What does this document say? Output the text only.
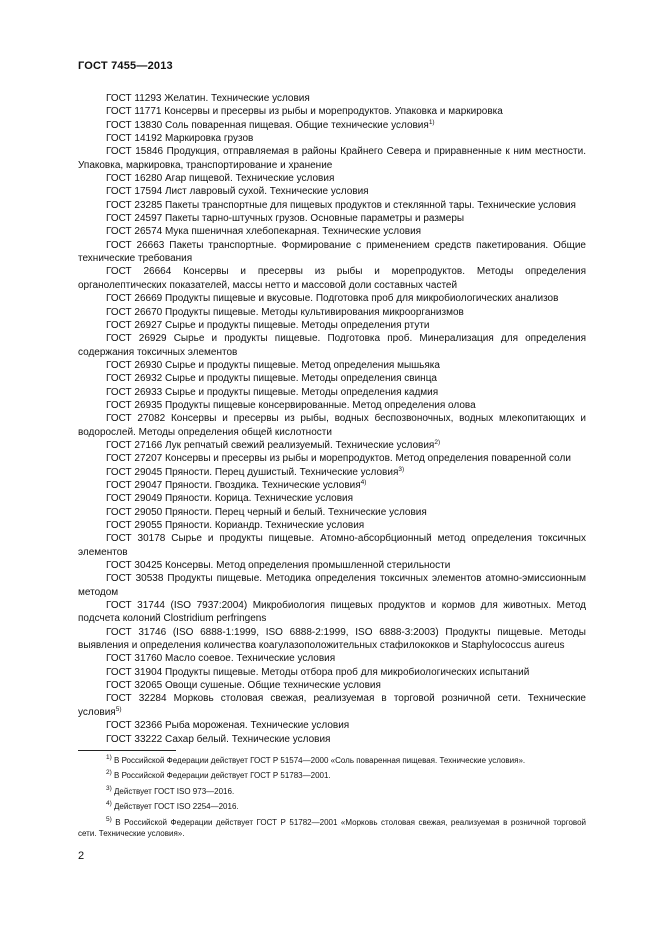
ГОСТ 7455—2013

ГОСТ 11293 Желатин. Технические условия

ГОСТ 11771 Консервы и пресервы из рыбы и морепродуктов. Упаковка и маркировка

ГОСТ 13830 Соль поваренная пищевая. Общие технические условия$^{1)}$

ГОСТ 14192 Маркировка грузов

ГОСТ 15846 Продукция, отправляемая в районы Крайнего Севера и приравненные к ним местности. Упаковка, маркировка, транспортирование и хранение

ГОСТ 16280 Агар пищевой. Технические условия

ГОСТ 17594 Лист лавровый сухой. Технические условия

ГОСТ 23285 Пакеты транспортные для пищевых продуктов и стеклянной тары. Технические условия

ГОСТ 24597 Пакеты тарно-штучных грузов. Основные параметры и размеры

ГОСТ 26574 Мука пшеничная хлебопекарная. Технические условия

ГОСТ 26663 Пакеты транспортные. Формирование с применением средств пакетирования. Общие технические требования

ГОСТ 26664 Консервы и пресервы из рыбы и морепродуктов. Методы определения органолептических показателей, массы нетто и массовой доли составных частей

ГОСТ 26669 Продукты пищевые и вкусовые. Подготовка проб для микробиологических анализов

ГОСТ 26670 Продукты пищевые. Методы культивирования микроорганизмов

ГОСТ 26927 Сырье и продукты пищевые. Методы определения ртути

ГОСТ 26929 Сырье и продукты пищевые. Подготовка проб. Минерализация для определения содержания токсичных элементов

ГОСТ 26930 Сырье и продукты пищевые. Метод определения мышьяка

ГОСТ 26932 Сырье и продукты пищевые. Методы определения свинца

ГОСТ 26933 Сырье и продукты пищевые. Методы определения кадмия

ГОСТ 26935 Продукты пищевые консервированные. Метод определения олова

ГОСТ 27082 Консервы и пресервы из рыбы, водных беспозвоночных, водных млекопитающих и водорослей. Методы определения общей кислотности

ГОСТ 27166 Лук репчатый свежий реализуемый. Технические условия$^{2)}$

ГОСТ 27207 Консервы и пресервы из рыбы и морепродуктов. Метод определения поваренной соли

ГОСТ 29045 Пряности. Перец душистый. Технические условия$^{3)}$

ГОСТ 29047 Пряности. Гвоздика. Технические условия$^{4)}$

ГОСТ 29049 Пряности. Корица. Технические условия

ГОСТ 29050 Пряности. Перец черный и белый. Технические условия

ГОСТ 29055 Пряности. Кориандр. Технические условия

ГОСТ 30178 Сырье и продукты пищевые. Атомно-абсорбционный метод определения токсичных элементов

ГОСТ 30425 Консервы. Метод определения промышленной стерильности

ГОСТ 30538 Продукты пищевые. Методика определения токсичных элементов атомно-эмиссионным методом

ГОСТ 31744 (ISO 7937:2004) Микробиология пищевых продуктов и кормов для животных. Метод подсчета колоний Clostridium perfringens

ГОСТ 31746 (ISO 6888-1:1999, ISO 6888-2:1999, ISO 6888-3:2003) Продукты пищевые. Методы выявления и определения количества коагулазоположительных стафилококков и Staphylococcus aureus

ГОСТ 31760 Масло соевое. Технические условия

ГОСТ 31904 Продукты пищевые. Методы отбора проб для микробиологических испытаний

ГОСТ 32065 Овощи сушеные. Общие технические условия

ГОСТ 32284 Морковь столовая свежая, реализуемая в торговой розничной сети. Технические условия$^{5)}$

ГОСТ 32366 Рыба мороженая. Технические условия

ГОСТ 33222 Сахар белый. Технические условия

$^{1)}$ В Российской Федерации действует ГОСТ Р 51574—2000 «Соль поваренная пищевая. Технические условия».

$^{2)}$ В Российской Федерации действует ГОСТ Р 51783—2001.

$^{3)}$ Действует ГОСТ ISO 973—2016.

$^{4)}$ Действует ГОСТ ISO 2254—2016.

$^{5)}$ В Российской Федерации действует ГОСТ Р 51782—2001 «Морковь столовая свежая, реализуемая в розничной торговой сети. Технические условия».

2
